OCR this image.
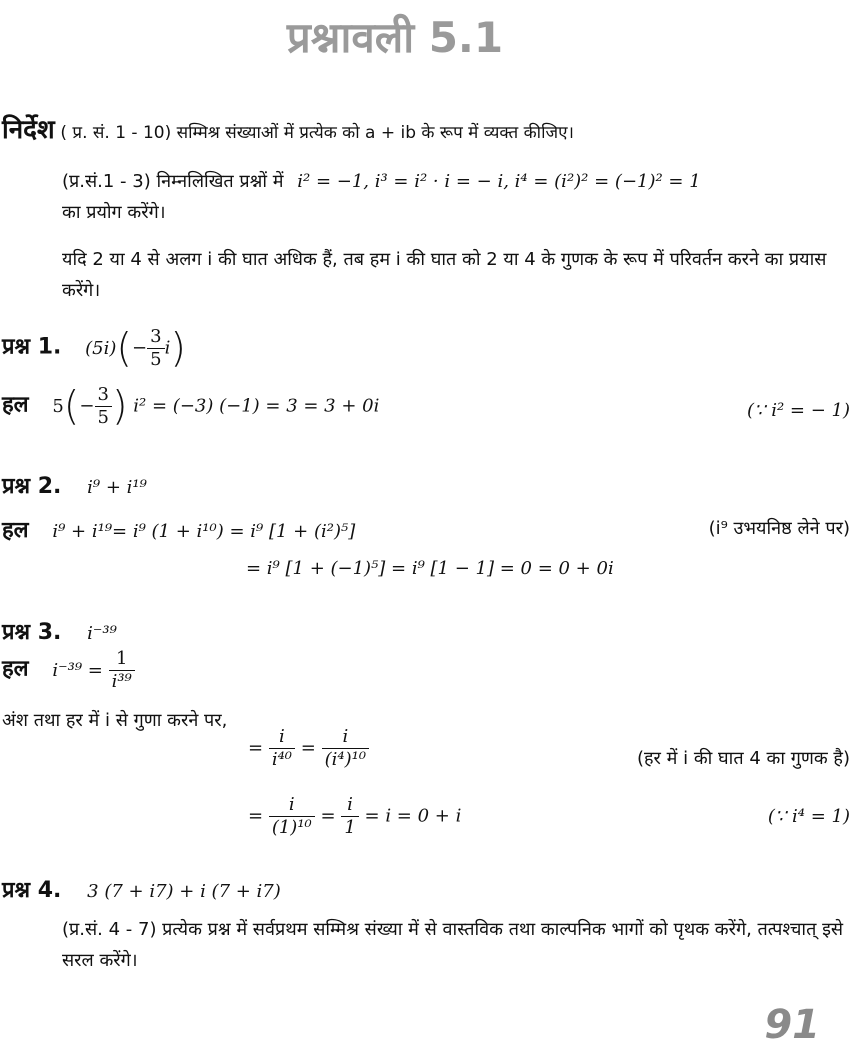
प्रश्नावली 5.1
निर्देश ( प्र. सं. 1 - 10) सम्मिश्र संख्याओं में प्रत्येक को a + ib के रूप में व्यक्त कीजिए।
(प्र.सं.1 - 3) निम्नलिखित प्रश्नों में i² = −1, i³ = i² · i = − i, i⁴ = (i²)² = (−1)² = 1
का प्रयोग करेंगे।
यदि 2 या 4 से अलग i की घात अधिक हैं, तब हम i की घात को 2 या 4 के गुणक के रूप में परिवर्तन करने का प्रयास करेंगे।
प्रश्न 1. $(5i)(- \frac{3}{5} i)$
हल $5(- \frac{3}{5}$ ) i² = (−3) (−1) = 3 = 3 + 0i	(∵ i² = − 1)
प्रश्न 2. i⁹ + i¹⁹
हल i⁹ + i¹⁹= i⁹ (1 + i¹⁰) = i⁹ [1 + (i²)⁵]	(i⁹ उभयनिष्ठ लेने पर)
= i⁹ [1 + (−1)⁵] = i⁹ [1 − 1] = 0 = 0 + 0i
प्रश्न 3. i⁻³⁹
हल $i^{-39} = \frac{1}{\text{i³⁹}}$
अंश तथा हर में i से गुणा करने पर,
= $\frac{i}{\text{i⁴⁰}} = \frac{i}{\text{(i⁴)¹⁰}}$	(हर में i की घात 4 का गुणक है)
= $\frac{i}{\text{(1)¹⁰}} = \frac{i}{1} = i = 0 + i$	(∵ i⁴ = 1)
प्रश्न 4. 3 (7 + i7) + i (7 + i7)
(प्र.सं. 4 - 7) प्रत्येक प्रश्न में सर्वप्रथम सम्मिश्र संख्या में से वास्तविक तथा काल्पनिक भागों को पृथक करेंगे, तत्पश्चात् इसे सरल करेंगे।
91
